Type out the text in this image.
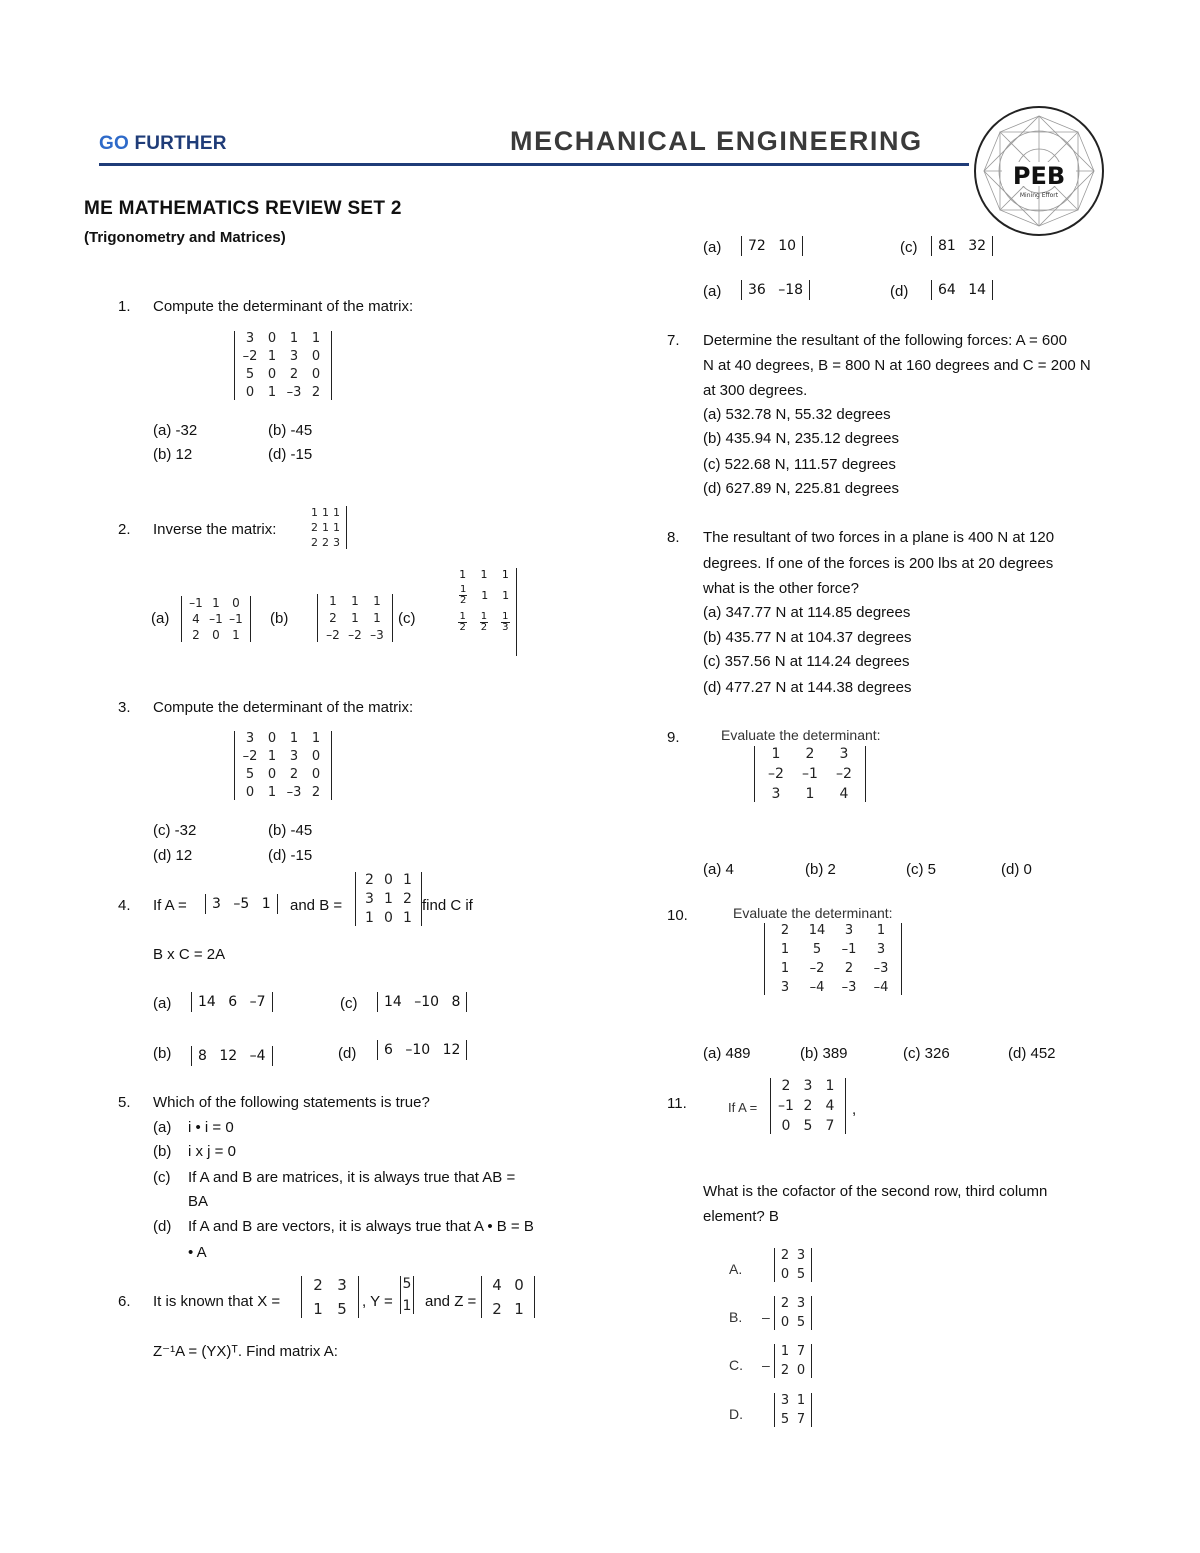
GO FURTHER	MECHANICAL ENGINEERING
PEB
Mining Effort
ME MATHEMATICS REVIEW SET 2
(Trigonometry and Matrices)
1. Compute the determinant of the matrix:
3	0	1	1
–2 1	3	0
5	0	2	0
0	1 –3 2
(a) -32	(b) -45
(b) 12	(d) -15
2. Inverse the matrix:
1 1 1
2 1 1
2 2 3
(a)
–1 1	0
4 –1 –1
2	0	1
(b)
1	1	1
2	1	1
–2 –2 –3
(c)
1 1 1
$\frac{1}{2} 1$ 1
$\frac{1}{2} \frac{1}{2} \frac{1}{3}$
3. Compute the determinant of the matrix:
3	0	1	1
–2 1	3	0
5	0	2	0
0	1 –3 2
(c) -32	(b) -45
(d) 12	(d) -15
4. If A =	3 –5 1	and B =
2 0 1
3 1 2
1 0 1
find C if
B x C = 2A
(a)	14 6 –7	(c)	14 –10 8
(b)	8 12 –4	(d)	6 –10 12
5. Which of the following statements is true?
(a) i • i = 0
(b) i x j = 0
(c) If A and B are matrices, it is always true that AB =
BA
(d) If A and B are vectors, it is always true that A • B = B
• A
6. It is known that X =
2 3
1 5	, Y =
5
1 and Z =
4 0
2 1
Z⁻¹A = (YX)ᵀ. Find matrix A:
(a)	72 10	(c)	81 32
(a)	36 –18	(d)	64 14
7. Determine the resultant of the following forces: A = 600
N at 40 degrees, B = 800 N at 160 degrees and C = 200 N
at 300 degrees.
(a) 532.78 N, 55.32 degrees
(b) 435.94 N, 235.12 degrees
(c) 522.68 N, 111.57 degrees
(d) 627.89 N, 225.81 degrees
8. The resultant of two forces in a plane is 400 N at 120
degrees. If one of the forces is 200 lbs at 20 degrees
what is the other force?
(a) 347.77 N at 114.85 degrees
(b) 435.77 N at 104.37 degrees
(c) 357.56 N at 114.24 degrees
(d) 477.27 N at 144.38 degrees
9.	Evaluate the determinant:
1	2	3
–2	–1	–2
3	1	4
(a) 4	(b) 2	(c) 5	(d) 0
10.	Evaluate the determinant:
2	14	3	1
1	5	–1	3
1	–2	2	–3
3	–4	–3	–4
(a) 489	(b) 389	(c) 326	(d) 452
11.	If A =
2 3 1
–1 2 4
0 5 7
,
What is the cofactor of the second row, third column
element? B
A.
2 3
0 5
B. –
2 3
0 5
C. –
1 7
2 0
D.
3 1
5 7
